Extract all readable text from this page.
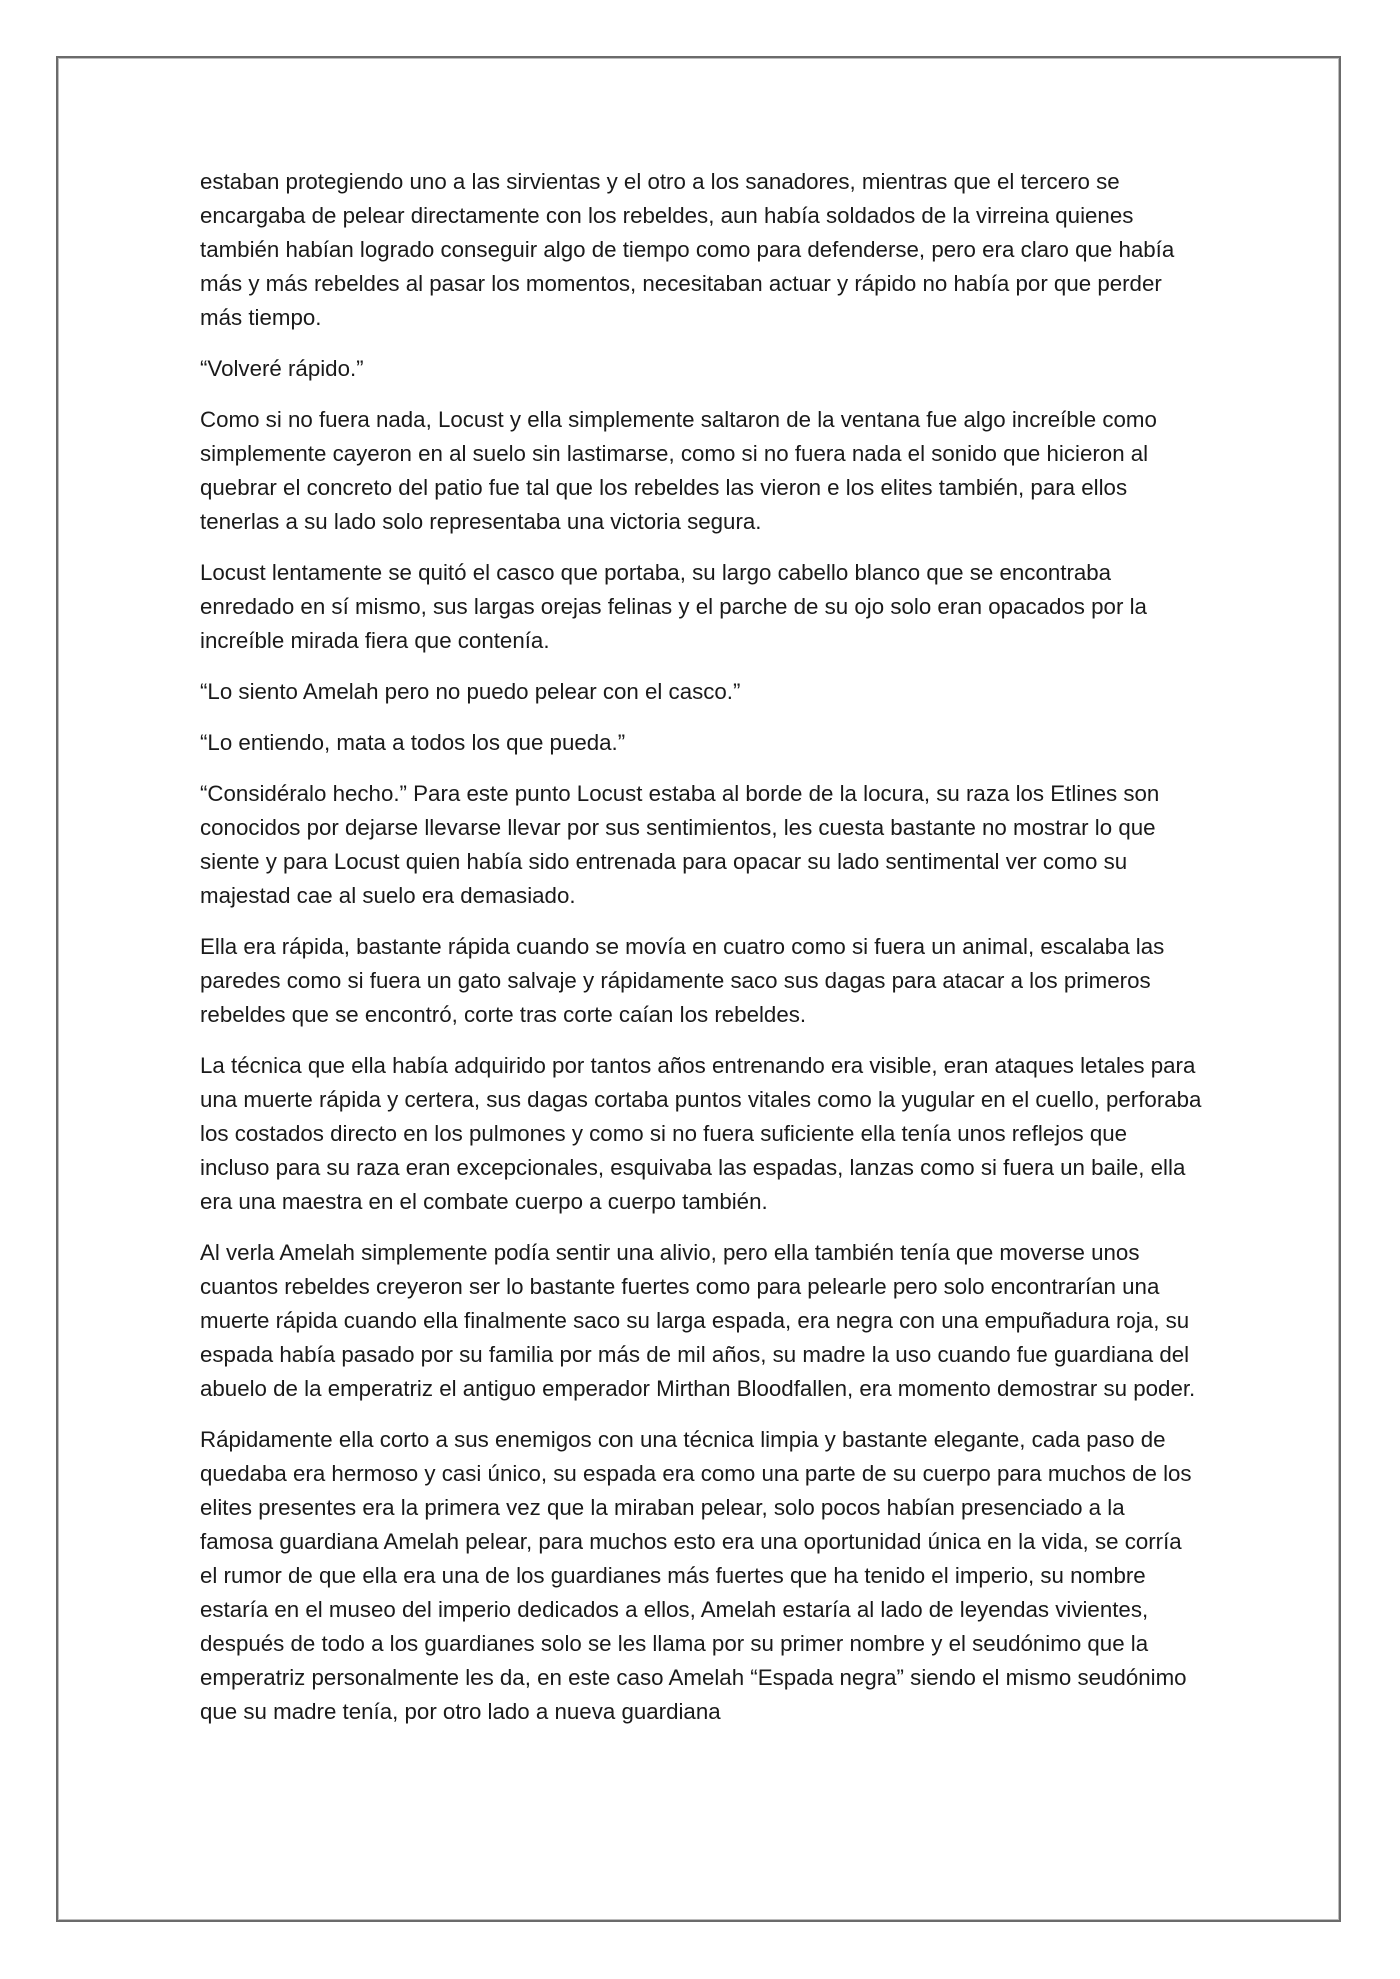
estaban protegiendo uno a las sirvientas y el otro a los sanadores, mientras que el tercero se encargaba de pelear directamente con los rebeldes, aun había soldados de la virreina quienes también habían logrado conseguir algo de tiempo como para defenderse, pero era claro que había más y más rebeldes al pasar los momentos, necesitaban actuar y rápido no había por que perder más tiempo.

“Volveré rápido.”

Como si no fuera nada, Locust y ella simplemente saltaron de la ventana fue algo increíble como simplemente cayeron en al suelo sin lastimarse, como si no fuera nada el sonido que hicieron al quebrar el concreto del patio fue tal que los rebeldes las vieron e los elites también, para ellos tenerlas a su lado solo representaba una victoria segura.

Locust lentamente se quitó el casco que portaba, su largo cabello blanco que se encontraba enredado en sí mismo, sus largas orejas felinas y el parche de su ojo solo eran opacados por la increíble mirada fiera que contenía.

“Lo siento Amelah pero no puedo pelear con el casco.”

“Lo entiendo, mata a todos los que pueda.”

“Considéralo hecho.” Para este punto Locust estaba al borde de la locura, su raza los Etlines son conocidos por dejarse llevarse llevar por sus sentimientos, les cuesta bastante no mostrar lo que siente y para Locust quien había sido entrenada para opacar su lado sentimental ver como su majestad cae al suelo era demasiado.

Ella era rápida, bastante rápida cuando se movía en cuatro como si fuera un animal, escalaba las paredes como si fuera un gato salvaje y rápidamente saco sus dagas para atacar a los primeros rebeldes que se encontró, corte tras corte caían los rebeldes.

La técnica que ella había adquirido por tantos años entrenando era visible, eran ataques letales para una muerte rápida y certera, sus dagas cortaba puntos vitales como la yugular en el cuello, perforaba los costados directo en los pulmones y como si no fuera suficiente ella tenía unos reflejos que incluso para su raza eran excepcionales, esquivaba las espadas, lanzas como si fuera un baile, ella era una maestra en el combate cuerpo a cuerpo también.

Al verla Amelah simplemente podía sentir una alivio, pero ella también tenía que moverse unos cuantos rebeldes creyeron ser lo bastante fuertes como para pelearle pero solo encontrarían una muerte rápida cuando ella finalmente saco su larga espada, era negra con una empuñadura roja, su espada había pasado por su familia por más de mil años, su madre la uso cuando fue guardiana del abuelo de la emperatriz el antiguo emperador Mirthan Bloodfallen, era momento demostrar su poder.

Rápidamente ella corto a sus enemigos con una técnica limpia y bastante elegante, cada paso de quedaba era hermoso y casi único, su espada era como una parte de su cuerpo para muchos de los elites presentes era la primera vez que la miraban pelear, solo pocos habían presenciado a la famosa guardiana Amelah pelear, para muchos esto era una oportunidad única en la vida, se corría el rumor de que ella era una de los guardianes más fuertes que ha tenido el imperio, su nombre estaría en el museo del imperio dedicados a ellos, Amelah estaría al lado de leyendas vivientes, después de todo a los guardianes solo se les llama por su primer nombre y el seudónimo que la emperatriz personalmente les da, en este caso Amelah “Espada negra” siendo el mismo seudónimo que su madre tenía, por otro lado a nueva guardiana
